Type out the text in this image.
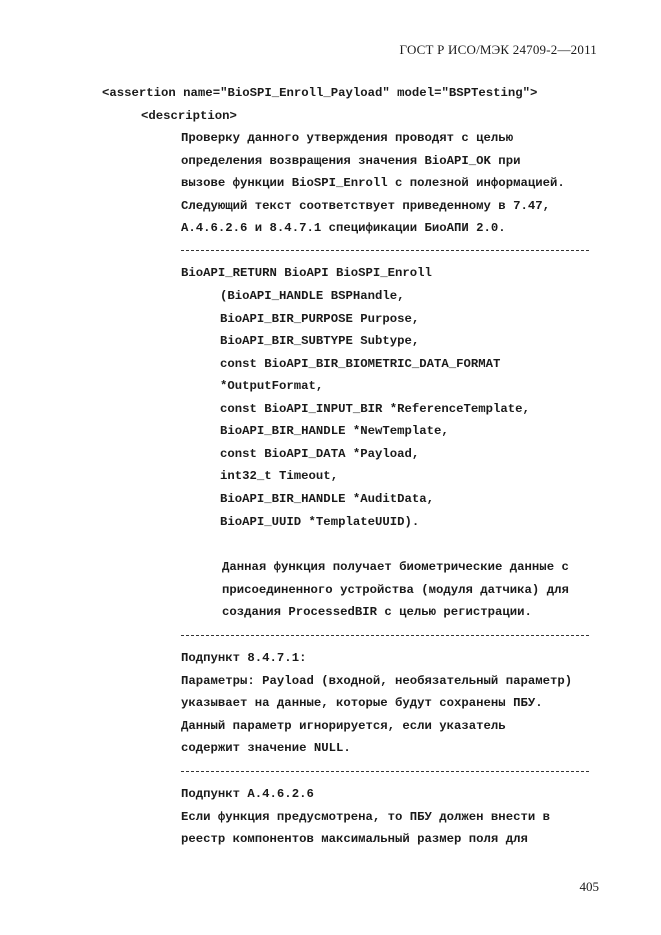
ГОСТ Р ИСО/МЭК 24709-2—2011
<assertion name="BioSPI_Enroll_Payload" model="BSPTesting">
<description>
Проверку данного утверждения проводят с целью
определения возвращения значения BioAPI_OK при
вызове функции BioSPI_Enroll с полезной информацией.
Следующий текст соответствует приведенному в 7.47,
А.4.6.2.6 и 8.4.7.1 спецификации БиоАПИ 2.0.
BioAPI_RETURN BioAPI BioSPI_Enroll
(BioAPI_HANDLE BSPHandle,
BioAPI_BIR_PURPOSE Purpose,
BioAPI_BIR_SUBTYPE Subtype,
const BioAPI_BIR_BIOMETRIC_DATA_FORMAT
*OutputFormat,
const BioAPI_INPUT_BIR *ReferenceTemplate,
BioAPI_BIR_HANDLE *NewTemplate,
const BioAPI_DATA *Payload,
int32_t Timeout,
BioAPI_BIR_HANDLE *AuditData,
BioAPI_UUID *TemplateUUID).
Данная функция получает биометрические данные с
присоединенного устройства (модуля датчика) для
создания ProcessedBIR с целью регистрации.
Подпункт 8.4.7.1:
Параметры: Payload (входной, необязательный параметр)
указывает на данные, которые будут сохранены ПБУ.
Данный параметр игнорируется, если указатель
содержит значение NULL.
Подпункт А.4.6.2.6
Если функция предусмотрена, то ПБУ должен внести в
реестр компонентов максимальный размер поля для
405
